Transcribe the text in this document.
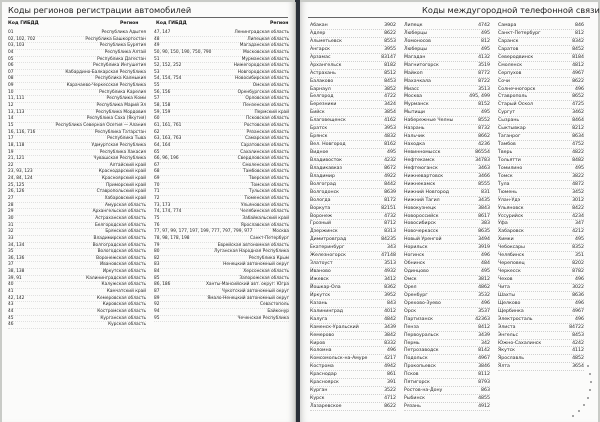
Коды регионов регистрации автомобилей
Код ГИБДД	Регион	Код ГИБДД	Регион
01	Республика Адыгея
02, 102, 702	Республика Башкортостан
03, 103	Республика Бурятия
04	Республика Алтай
05	Республика Дагестан
06	Республика Ингушетия
07	Кабардино-Балкарская Республика
08	Республика Калмыкия
09	Карачаево-Черкесская Республика
10	Республика Карелия
11, 111	Республика Коми
12	Республика Марий Эл
13, 113	Республика Мордовия
14	Республика Саха (Якутия)
15	Республика Северная Осетия — Алания
16, 116, 716	Республика Татарстан
17	Республика Тыва
18, 118	Удмуртская Республика
19	Республика Хакасия
21, 121	Чувашская Республика
22	Алтайский край
23, 93, 123	Краснодарский край
24, 84, 124	Красноярский край
25, 125	Приморский край
26, 126	Ставропольский край
27	Хабаровский край
28	Амурская область
29	Архангельская область
30	Астраханская область
31	Белгородская область
32	Брянская область
33	Владимирская область
34, 134	Волгоградская область
35	Вологодская область
36, 136	Воронежская область
37	Ивановская область
38, 138	Иркутская область
39, 91	Калининградская область
40	Калужская область
41	Камчатский край
42, 142	Кемеровская область
43	Кировская область
44	Костромская область
45	Курганская область
46	Курская область
47, 147	Ленинградская область
48	Липецкая область
49	Магаданская область
50, 90, 150, 190, 750, 790	Московская область
51	Мурманская область
52, 152, 252	Нижегородская область
53	Новгородская область
54, 154, 754	Новосибирская область
55	Омская область
56, 156	Оренбургская область
57	Орловская область
58, 158	Пензенская область
59, 159	Пермский край
60	Псковская область
61, 161, 761	Ростовская область
62	Рязанская область
63, 163, 763	Самарская область
64, 164	Саратовская область
65	Сахалинская область
66, 96, 196	Свердловская область
67	Смоленская область
68	Тамбовская область
69	Тверская область
70	Томская область
71	Тульская область
72	Тюменская область
73, 173	Ульяновская область
74, 174, 774	Челябинская область
75	Забайкальский край
76	Ярославская область
77, 97, 99, 177, 197, 199, 777, 797, 799, 977	Москва
78, 98, 178, 198	Санкт-Петербург
79	Еврейская автономная область
80	Луганская Народная Республика
82	Республика Крым
83	Ненецкий автономный округ
84	Херсонская область
85	Запорожская область
86, 186	Ханты-Мансийский авт. округ: Югра
87	Чукотский автономный округ
89	Ямало-Ненецкий автономный округ
92	Севастополь
94	Байконур
95	Чеченская Республика
Коды междугородной телефонной связи
Абакан	3902
Адлер	8622
Альметьевск	8553
Ангарск	3955
Арзамас	83147
Архангельск	8182
Астрахань	8512
Балаково	8453
Барнаул	3852
Белгород	4722
Березники	3424
Бийск	3854
Благовещенск	4162
Братск	3953
Брянск	4832
Вел. Новгород	8162
Видное	495
Владивосток	4232
Владикавказ	8672
Владимир	4922
Волгоград	8442
Волгодонск	8639
Вологда	8172
Воркута	82151
Воронеж	4732
Грозный	8712
Дзержинск	8313
Димитровград	84235
Екатеринбург	343
Железногорск	47148
Златоуст	3513
Иваново	4932
Ижевск	3412
Йошкар-Ола	8362
Иркутск	3952
Казань	843
Калининград	4012
Калуга	4842
Каменск-Уральский	3439
Кемерово	3842
Киров	8332
Коломна	496
Комсомольск-на-Амуре	4217
Кострома	4942
Краснодар	861
Красноярск	391
Курган	3522
Курск	4712
Лазаревское	8622
Липецк	4742
Люберцы	495
Ломоносов	812
Люберцы	495
Магадан	4132
Магнитогорск	3519
Майкоп	8772
Махачкала	8722
Миасс	3513
Москва	495, 499
Мурманск	8152
Мытищи	495
Набережные Челны	8552
Назрань	8732
Нальчик	8662
Находка	4236
Невинномысск	86554
Нефтекамск	34783
Нефтеюганск	3463
Нижневартовск	3466
Нижнекамск	8555
Нижний Новгород	831
Нижний Тагил	3435
Новокузнецк	3843
Новороссийск	8617
Новосибирск	383
Новочеркасск	8635
Новый Уренгой	3494
Норильск	3919
Ногинск	496
Обнинск	484
Одинцово	495
Омск	3812
Орел	4862
Оренбург	3532
Орехово-Зуево	496
Орск	3537
Партизанск	42363
Пенза	8412
Первоуральск	3439
Пермь	342
Петрозаводск	8142
Подольск	4967
Прокопьевск	3846
Псков	8112
Пятигорск	8793
Ростов-на-Дону	863
Рыбинск	4855
Рязань	4912
Самара	846
Санкт-Петербург	812
Саранск	8342
Саратов	8452
Северодвинск	8184
Смоленск	4812
Серпухов	4967
Сочи	8622
Солнечногорск	496
Ставрополь	8652
Старый Оскол	4725
Сургут	3462
Сызрань	8464
Сыктывкар	8212
Таганрог	8634
Тамбов	4752
Тверь	4822
Тольятти	8482
Томилино	495
Томск	3822
Тула	4872
Тюмень	3452
Улан-Удэ	3012
Ульяновск	8422
Уссурийск	4234
Уфа	347
Хабаровск	4212
Химки	495
Чебоксары	8352
Челябинск	351
Череповец	8202
Черкесск	8782
Чехов	496
Чита	3022
Шахты	8636
Щелково	496
Щербинка	4967
Электросталь	496
Элиста	84722
Энгельс	8453
Южно-Сахалинск	4242
Якутск	4112
Ярославль	4852
Ялта	3654
